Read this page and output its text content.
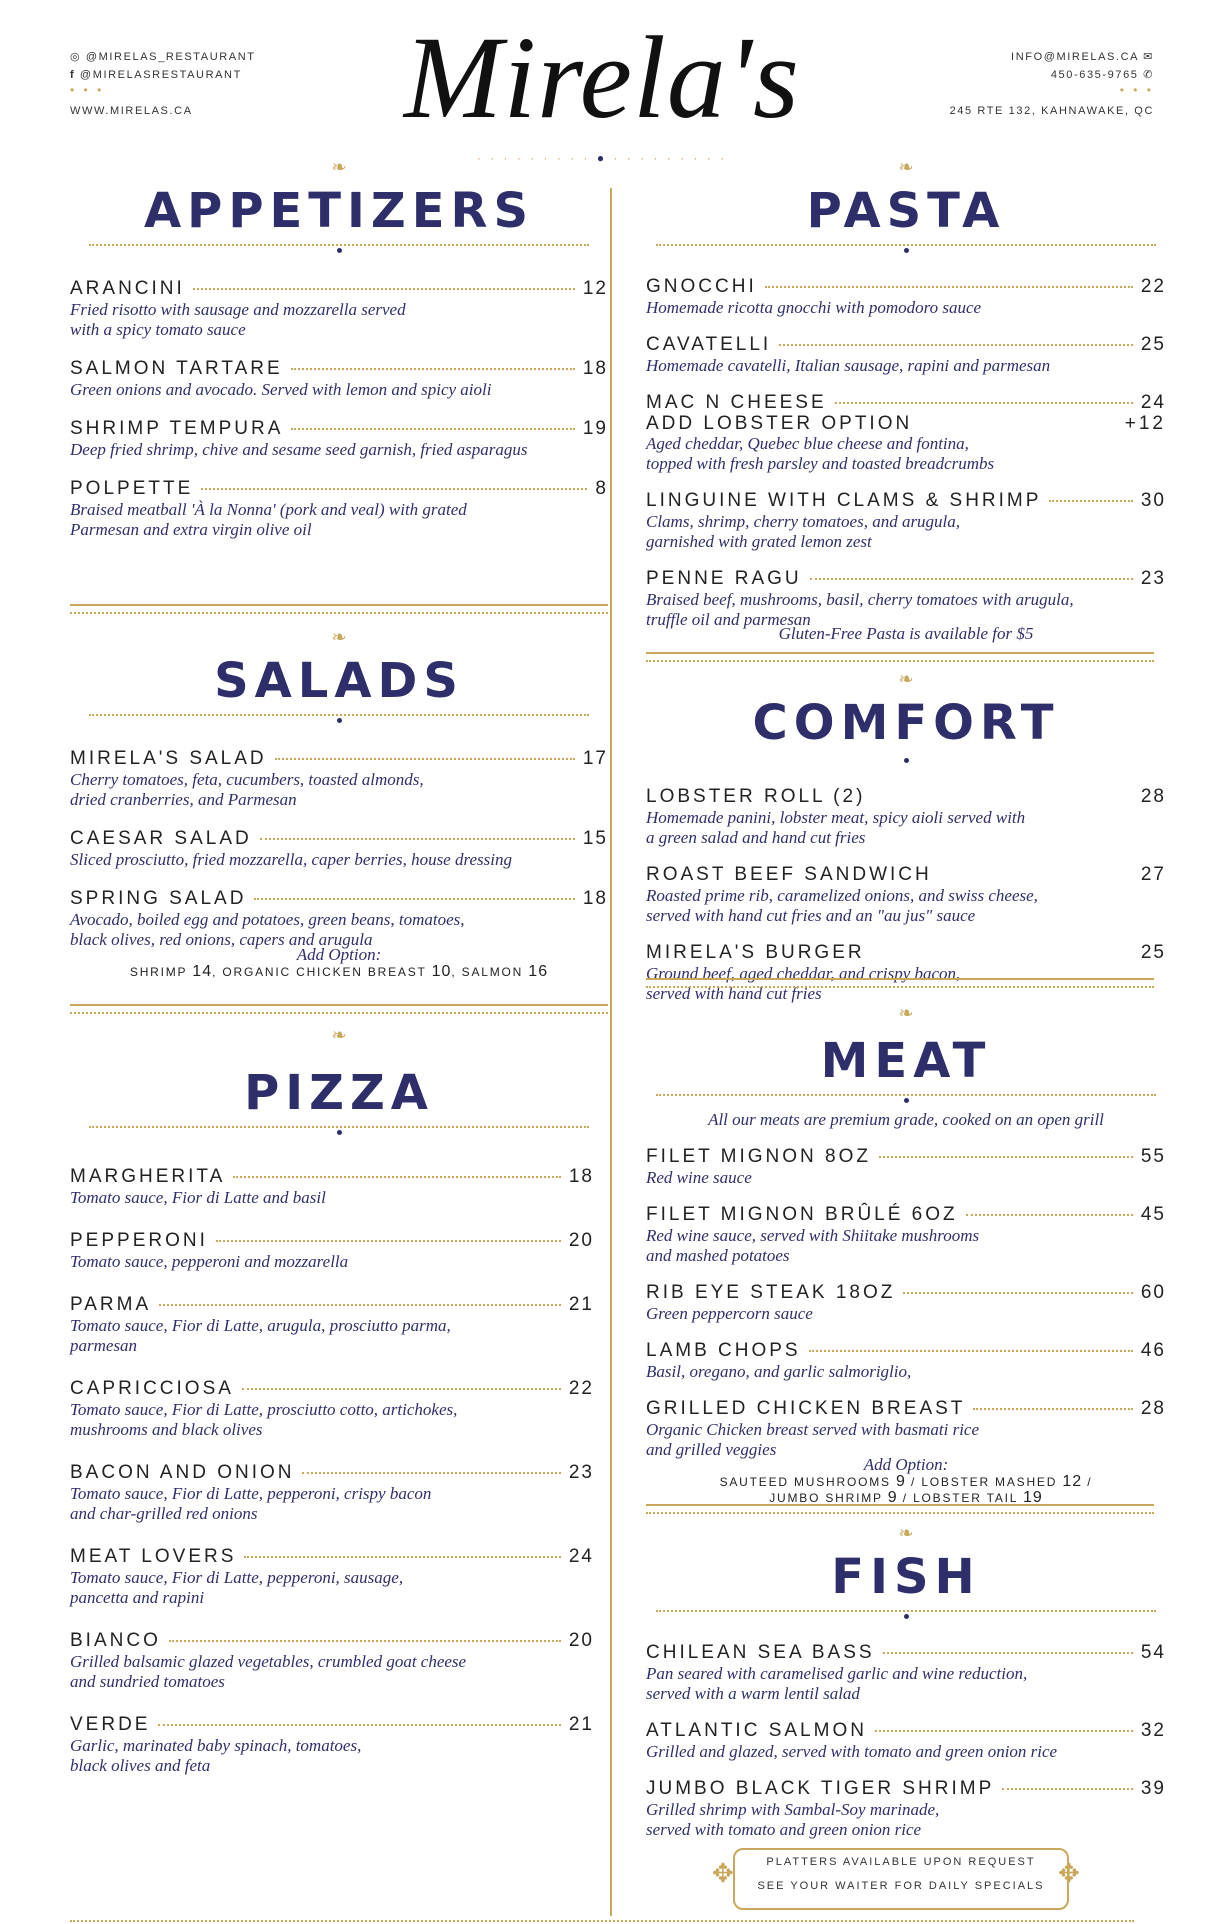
◎ @MIRELAS_RESTAURANT
f @MIRELASRESTAURANT
• • •
WWW.MIRELAS.CA	Mirela's
· · · · · · · · · ● · · · · · · · · ·
INFO@MIRELAS.CA ✉
450-635-9765 ✆
• • •
245 RTE 132, KAHNAWAKE, QC
❧
APPETIZERS
ARANCINI	12
Fried risotto with sausage and mozzarella served
with a spicy tomato sauce
SALMON TARTARE	18
Green onions and avocado. Served with lemon and spicy aioli
SHRIMP TEMPURA	19
Deep fried shrimp, chive and sesame seed garnish, fried asparagus
POLPETTE	8
Braised meatball 'À la Nonna' (pork and veal) with grated
Parmesan and extra virgin olive oil
❧
SALADS
MIRELA'S SALAD	17
Cherry tomatoes, feta, cucumbers, toasted almonds,
dried cranberries, and Parmesan
CAESAR SALAD	15
Sliced prosciutto, fried mozzarella, caper berries, house dressing
SPRING SALAD	18
Avocado, boiled egg and potatoes, green beans, tomatoes,
black olives, red onions, capers and arugula
Add Option:
SHRIMP 14, ORGANIC CHICKEN BREAST 10, SALMON 16
❧
PIZZA
MARGHERITA	18
Tomato sauce, Fior di Latte and basil
PEPPERONI	20
Tomato sauce, pepperoni and mozzarella
PARMA	21
Tomato sauce, Fior di Latte, arugula, prosciutto parma,
parmesan
CAPRICCIOSA	22
Tomato sauce, Fior di Latte, prosciutto cotto, artichokes,
mushrooms and black olives
BACON AND ONION	23
Tomato sauce, Fior di Latte, pepperoni, crispy bacon
and char-grilled red onions
MEAT LOVERS	24
Tomato sauce, Fior di Latte, pepperoni, sausage,
pancetta and rapini
BIANCO	20
Grilled balsamic glazed vegetables, crumbled goat cheese
and sundried tomatoes
VERDE	21
Garlic, marinated baby spinach, tomatoes,
black olives and feta
❧
PASTA
GNOCCHI	22
Homemade ricotta gnocchi with pomodoro sauce
CAVATELLI	25
Homemade cavatelli, Italian sausage, rapini and parmesan
MAC N CHEESE	24
ADD LOBSTER OPTION	+12
Aged cheddar, Quebec blue cheese and fontina,
topped with fresh parsley and toasted breadcrumbs
LINGUINE WITH CLAMS & SHRIMP	30
Clams, shrimp, cherry tomatoes, and arugula,
garnished with grated lemon zest
PENNE RAGU	23
Braised beef, mushrooms, basil, cherry tomatoes with arugula,
truffle oil and parmesan
Gluten-Free Pasta is available for $5
❧
COMFORT
LOBSTER ROLL (2)	28
Homemade panini, lobster meat, spicy aioli served with
a green salad and hand cut fries
ROAST BEEF SANDWICH	27
Roasted prime rib, caramelized onions, and swiss cheese,
served with hand cut fries and an "au jus" sauce
MIRELA'S BURGER	25
Ground beef, aged cheddar, and crispy bacon,
served with hand cut fries
❧
MEAT
All our meats are premium grade, cooked on an open grill
FILET MIGNON 8OZ	55
Red wine sauce
FILET MIGNON BRÛLÉ 6OZ	45
Red wine sauce, served with Shiitake mushrooms
and mashed potatoes
RIB EYE STEAK 18OZ	60
Green peppercorn sauce
LAMB CHOPS	46
Basil, oregano, and garlic salmoriglio,
GRILLED CHICKEN BREAST	28
Organic Chicken breast served with basmati rice
and grilled veggies
Add Option:
SAUTEED MUSHROOMS 9 / LOBSTER MASHED 12 /
JUMBO SHRIMP 9 / LOBSTER TAIL 19
❧
FISH
CHILEAN SEA BASS	54
Pan seared with caramelised garlic and wine reduction,
served with a warm lentil salad
ATLANTIC SALMON	32
Grilled and glazed, served with tomato and green onion rice
JUMBO BLACK TIGER SHRIMP	39
Grilled shrimp with Sambal-Soy marinade,
served with tomato and green onion rice
PLATTERS AVAILABLE UPON REQUEST
SEE YOUR WAITER FOR DAILY SPECIALS
✥	✥
